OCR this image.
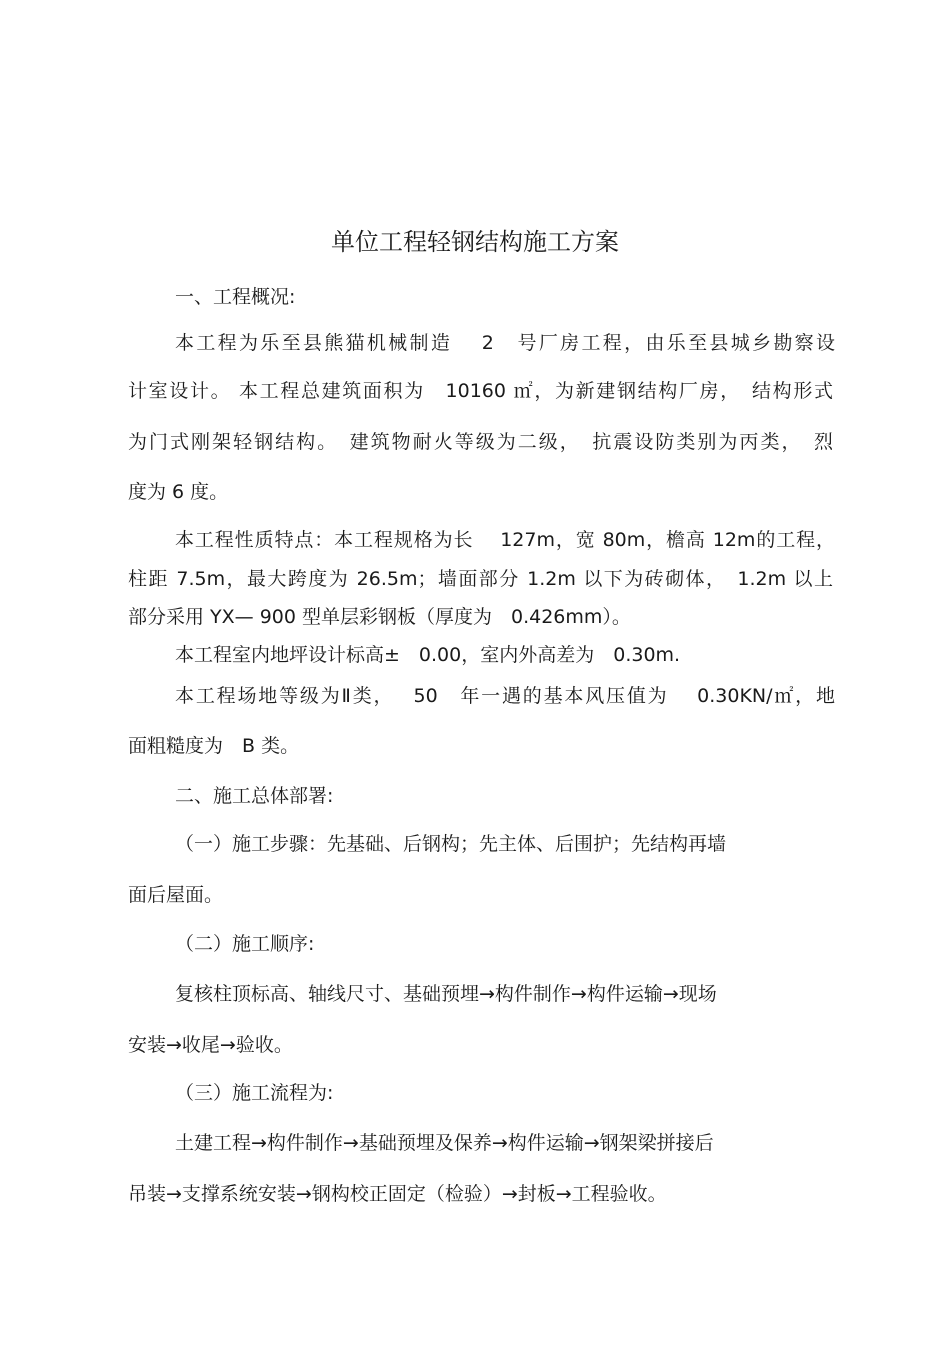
单位工程轻钢结构施工方案

一、工程概况:

本工程为乐至县熊猫机械制造　 2　号厂房工程，由乐至县城乡勘察设

计室设计。 本工程总建筑面积为　10160 ㎡，为新建钢结构厂房，　结构形式

为门式刚架轻钢结构。　建筑物耐火等级为二级，　抗震设防类别为丙类，　烈

度为 6 度。

本工程性质特点：本工程规格为长　 127m，宽 80m，檐高 12m的工程，

柱距 7.5m，最大跨度为 26.5m；墙面部分 1.2m 以下为砖砌体，　1.2m 以上

部分采用 YX— 900 型单层彩钢板（厚度为　0.426mm）。

本工程室内地坪设计标高±　0.00，室内外高差为　0.30m.

本工程场地等级为Ⅱ类，　 50　年一遇的基本风压值为　 0.30KN/㎡，地

面粗糙度为　B 类。

二、施工总体部署:

（一）施工步骤：先基础、后钢构；先主体、后围护；先结构再墙

面后屋面。

（二）施工顺序:

复核柱顶标高、轴线尺寸、基础预埋→构件制作→构件运输→现场

安装→收尾→验收。

（三）施工流程为:

土建工程→构件制作→基础预埋及保养→构件运输→钢架梁拼接后

吊装→支撑系统安装→钢构校正固定（检验）→封板→工程验收。
